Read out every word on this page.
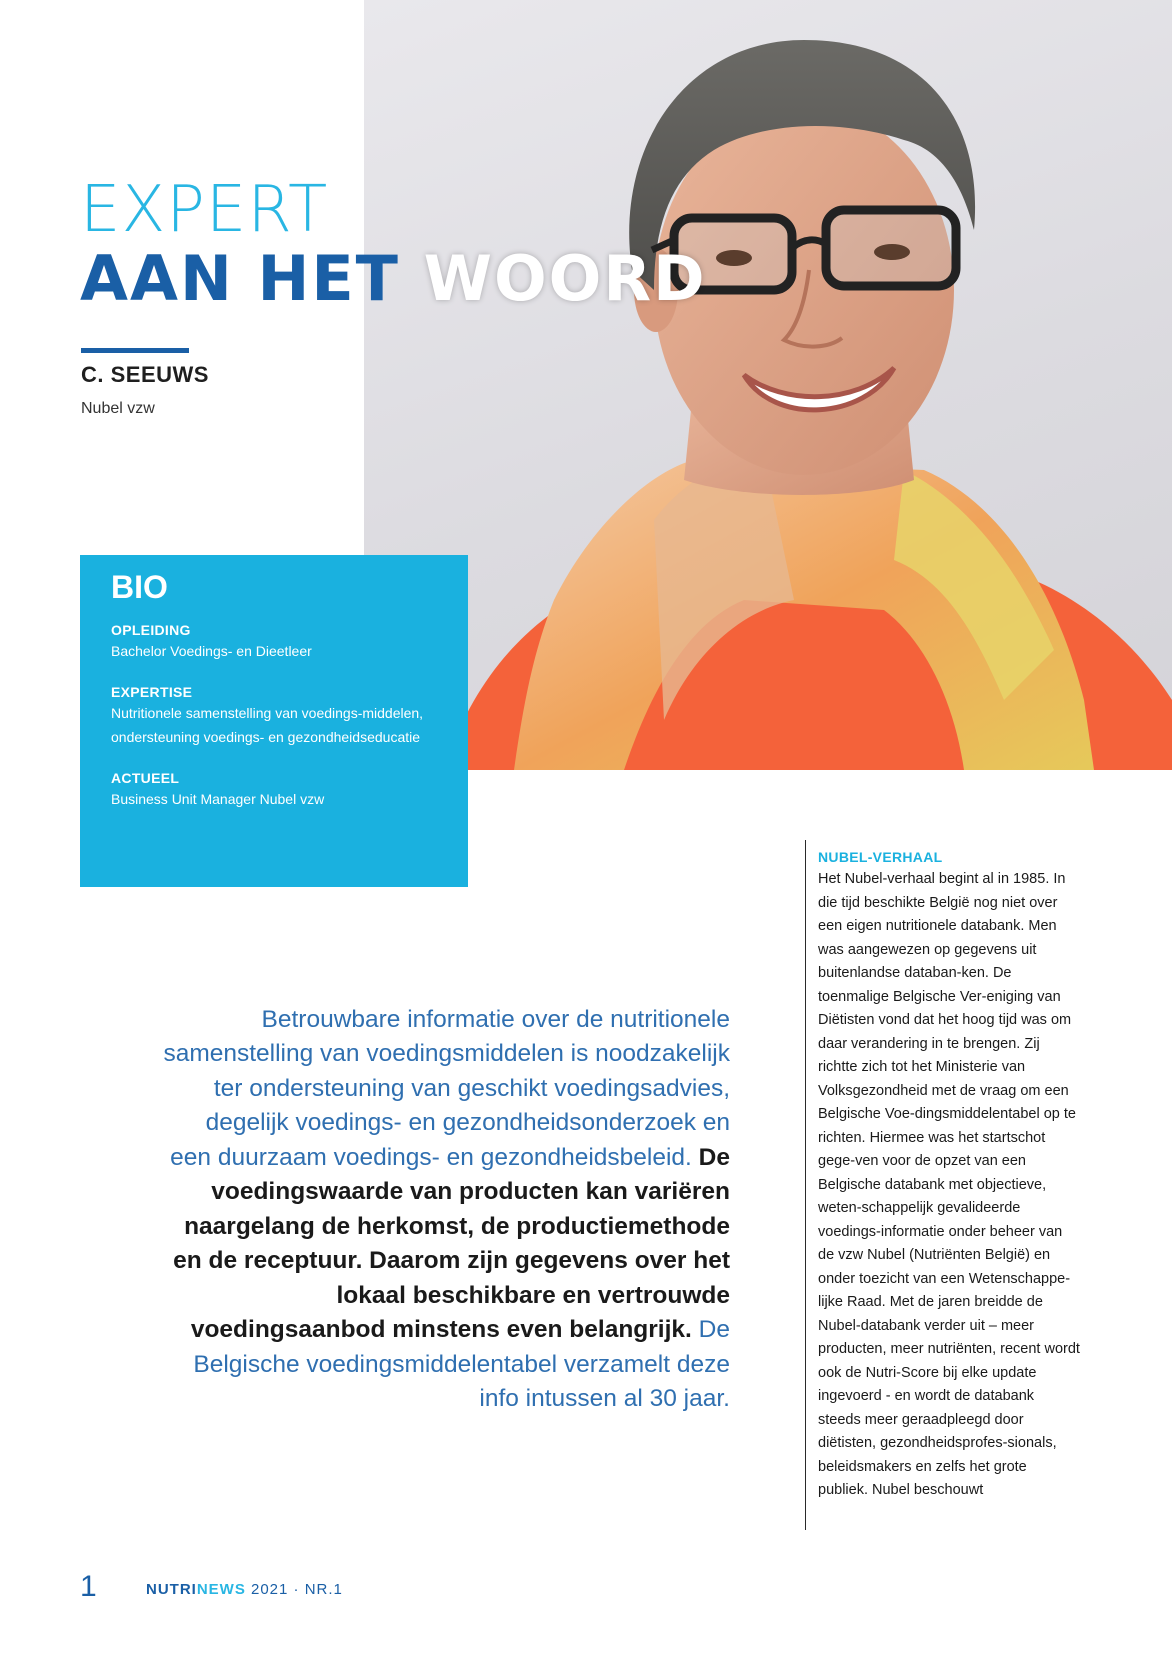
EXPERT
AAN HET WOORD
C. SEEUWS
Nubel vzw
BIO
OPLEIDING
Bachelor Voedings- en Dieetleer
EXPERTISE
Nutritionele samenstelling van voedings-middelen, ondersteuning voedings- en gezondheidseducatie
ACTUEEL
Business Unit Manager Nubel vzw

Betrouwbare informatie over de nutritionele samenstelling van voedingsmiddelen is noodzakelijk ter ondersteuning van geschikt voedingsadvies, degelijk voedings- en gezondheidsonderzoek en een duurzaam voedings- en gezondheidsbeleid. De voedingswaarde van producten kan variëren naargelang de herkomst, de productiemethode en de receptuur. Daarom zijn gegevens over het lokaal beschikbare en vertrouwde voedingsaanbod minstens even belangrijk. De Belgische voedingsmiddelentabel verzamelt deze info intussen al 30 jaar.

NUBEL-VERHAAL

Het Nubel-verhaal begint al in 1985. In die tijd beschikte België nog niet over een eigen nutritionele databank. Men was aangewezen op gegevens uit buitenlandse databan-ken. De toenmalige Belgische Ver-eniging van Diëtisten vond dat het hoog tijd was om daar verandering in te brengen. Zij richtte zich tot het Ministerie van Volksgezondheid met de vraag om een Belgische Voe-dingsmiddelentabel op te richten. Hiermee was het startschot gege-ven voor de opzet van een Belgische databank met objectieve, weten-schappelijk gevalideerde voedings-informatie onder beheer van de vzw Nubel (Nutriënten België) en onder toezicht van een Wetenschappe-lijke Raad. Met de jaren breidde de Nubel-databank verder uit – meer producten, meer nutriënten, recent wordt ook de Nutri-Score bij elke update ingevoerd - en wordt de databank steeds meer geraadpleegd door diëtisten, gezondheidsprofes-sionals, beleidsmakers en zelfs het grote publiek. Nubel beschouwt

1	NUTRINEWS 2021 · NR.1
